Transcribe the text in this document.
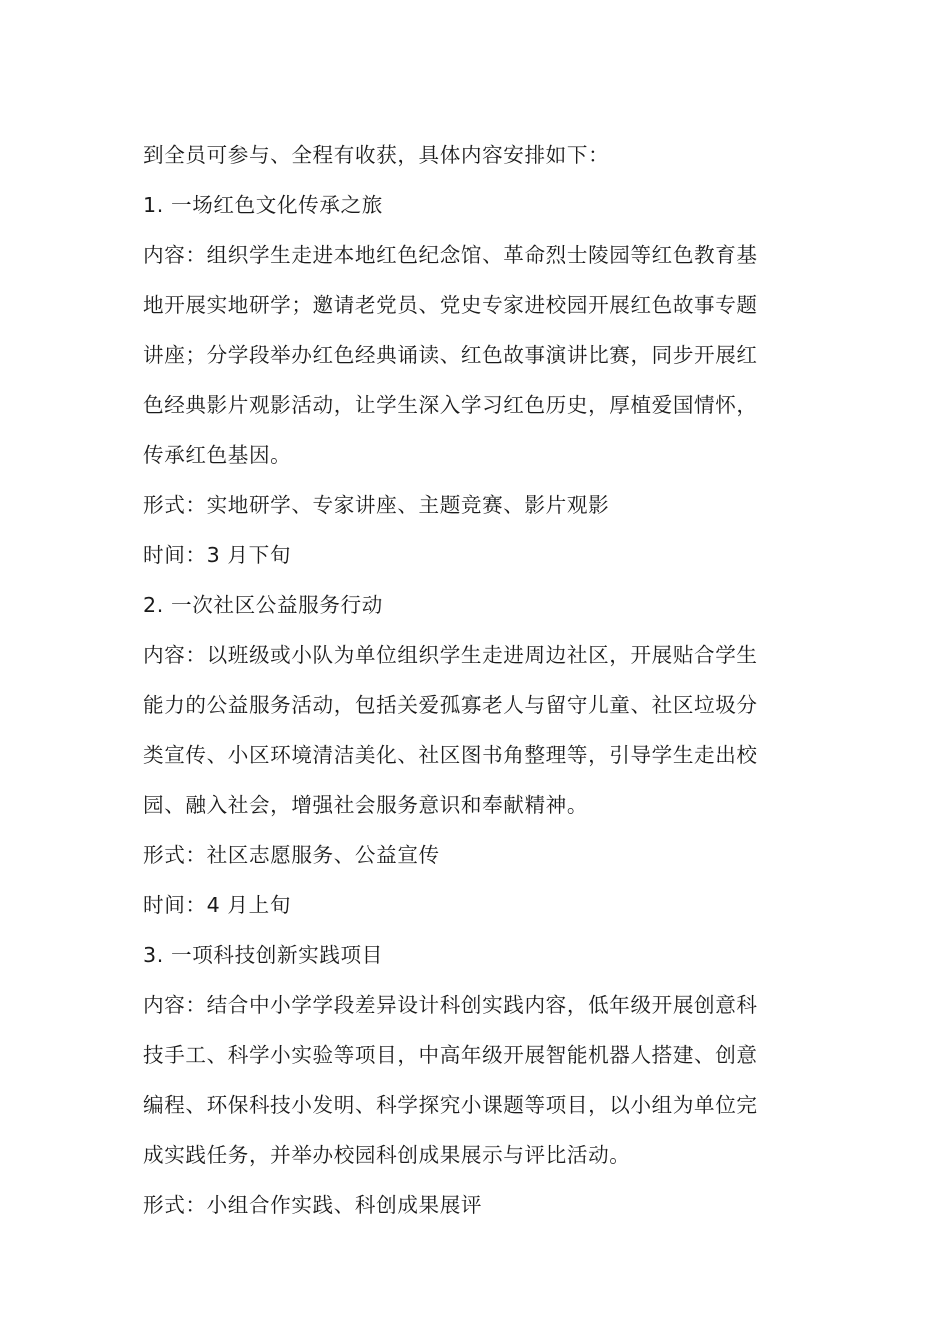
到全员可参与、全程有收获，具体内容安排如下：

1. 一场红色文化传承之旅

内容：组织学生走进本地红色纪念馆、革命烈士陵园等红色教育基

地开展实地研学；邀请老党员、党史专家进校园开展红色故事专题

讲座；分学段举办红色经典诵读、红色故事演讲比赛，同步开展红

色经典影片观影活动，让学生深入学习红色历史，厚植爱国情怀，

传承红色基因。

形式：实地研学、专家讲座、主题竞赛、影片观影

时间：3 月下旬

2. 一次社区公益服务行动

内容：以班级或小队为单位组织学生走进周边社区，开展贴合学生

能力的公益服务活动，包括关爱孤寡老人与留守儿童、社区垃圾分

类宣传、小区环境清洁美化、社区图书角整理等，引导学生走出校

园、融入社会，增强社会服务意识和奉献精神。

形式：社区志愿服务、公益宣传

时间：4 月上旬

3. 一项科技创新实践项目

内容：结合中小学学段差异设计科创实践内容，低年级开展创意科

技手工、科学小实验等项目，中高年级开展智能机器人搭建、创意

编程、环保科技小发明、科学探究小课题等项目，以小组为单位完

成实践任务，并举办校园科创成果展示与评比活动。

形式：小组合作实践、科创成果展评
